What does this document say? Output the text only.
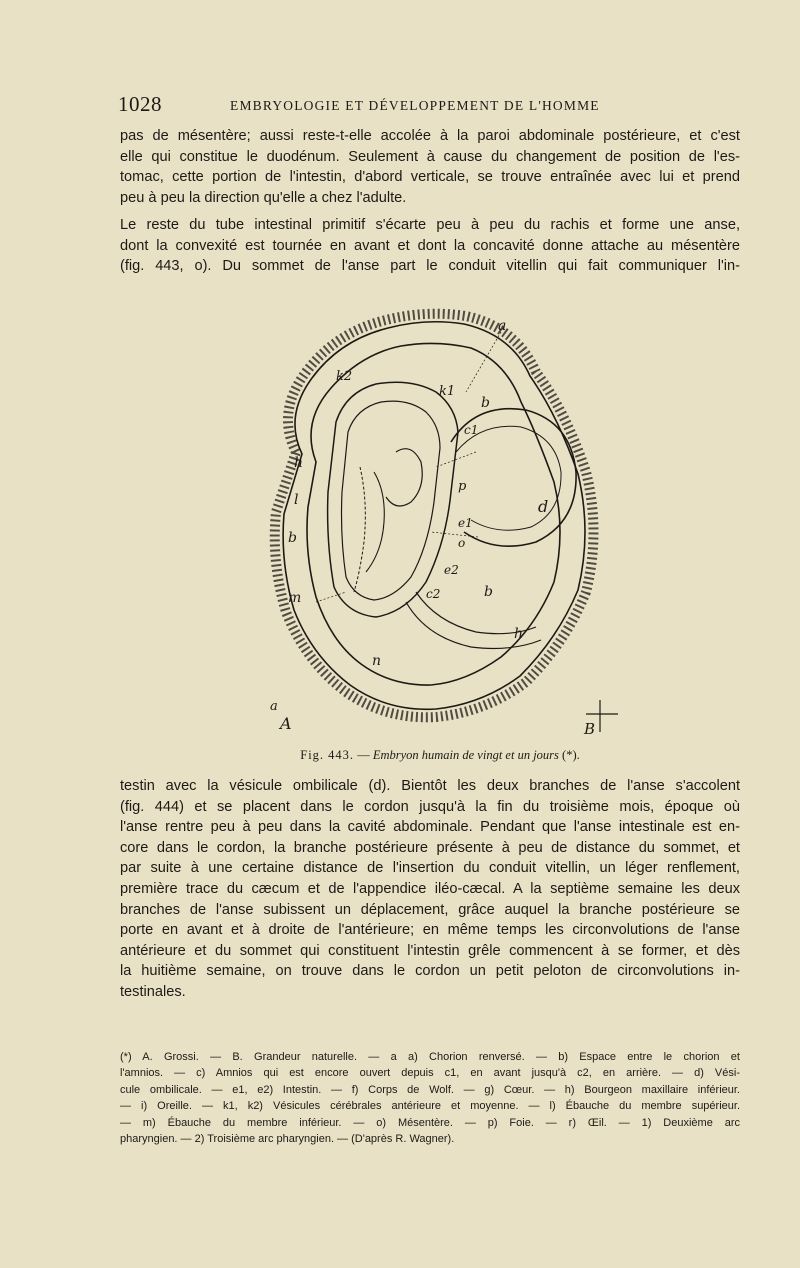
1028	EMBRYOLOGIE ET DÉVELOPPEMENT DE L'HOMME

pas de mésentère; aussi reste-t-elle accolée à la paroi abdominale postérieure, et c'est
elle qui constitue le duodénum. Seulement à cause du changement de position de l'es-
tomac, cette portion de l'intestin, d'abord verticale, se trouve entraînée avec lui et prend
peu à peu la direction qu'elle a chez l'adulte.

Le reste du tube intestinal primitif s'écarte peu à peu du rachis et forme une anse,
dont la convexité est tournée en avant et dont la concavité donne attache au mésentère
(fig. 443, o). Du sommet de l'anse part le conduit vitellin qui fait communiquer l'in-

a
k2
k1
b
c1
h
l
p
e1
o
d
b
e2
c2	b
m
h
n
a
A	B
Fig. 443. — Embryon humain de vingt et un jours (*).

testin avec la vésicule ombilicale (d). Bientôt les deux branches de l'anse s'accolent
(fig. 444) et se placent dans le cordon jusqu'à la fin du troisième mois, époque où
l'anse rentre peu à peu dans la cavité abdominale. Pendant que l'anse intestinale est en-
core dans le cordon, la branche postérieure présente à peu de distance du sommet, et
par suite à une certaine distance de l'insertion du conduit vitellin, un léger renflement,
première trace du cæcum et de l'appendice iléo-cæcal. A la septième semaine les deux
branches de l'anse subissent un déplacement, grâce auquel la branche postérieure se
porte en avant et à droite de l'antérieure; en même temps les circonvolutions de l'anse
antérieure et du sommet qui constituent l'intestin grêle commencent à se former, et dès
la huitième semaine, on trouve dans le cordon un petit peloton de circonvolutions in-
testinales.

(*) A. Grossi. — B. Grandeur naturelle. — a a) Chorion renversé. — b) Espace entre le chorion et
l'amnios. — c) Amnios qui est encore ouvert depuis c1, en avant jusqu'à c2, en arrière. — d) Vési-
cule ombilicale. — e1, e2) Intestin. — f) Corps de Wolf. — g) Cœur. — h) Bourgeon maxillaire inférieur.
— i) Oreille. — k1, k2) Vésicules cérébrales antérieure et moyenne. — l) Ébauche du membre supérieur.
— m) Ébauche du membre inférieur. — o) Mésentère. — p) Foie. — r) Œil. — 1) Deuxième arc
pharyngien. — 2) Troisième arc pharyngien. — (D'après R. Wagner).
